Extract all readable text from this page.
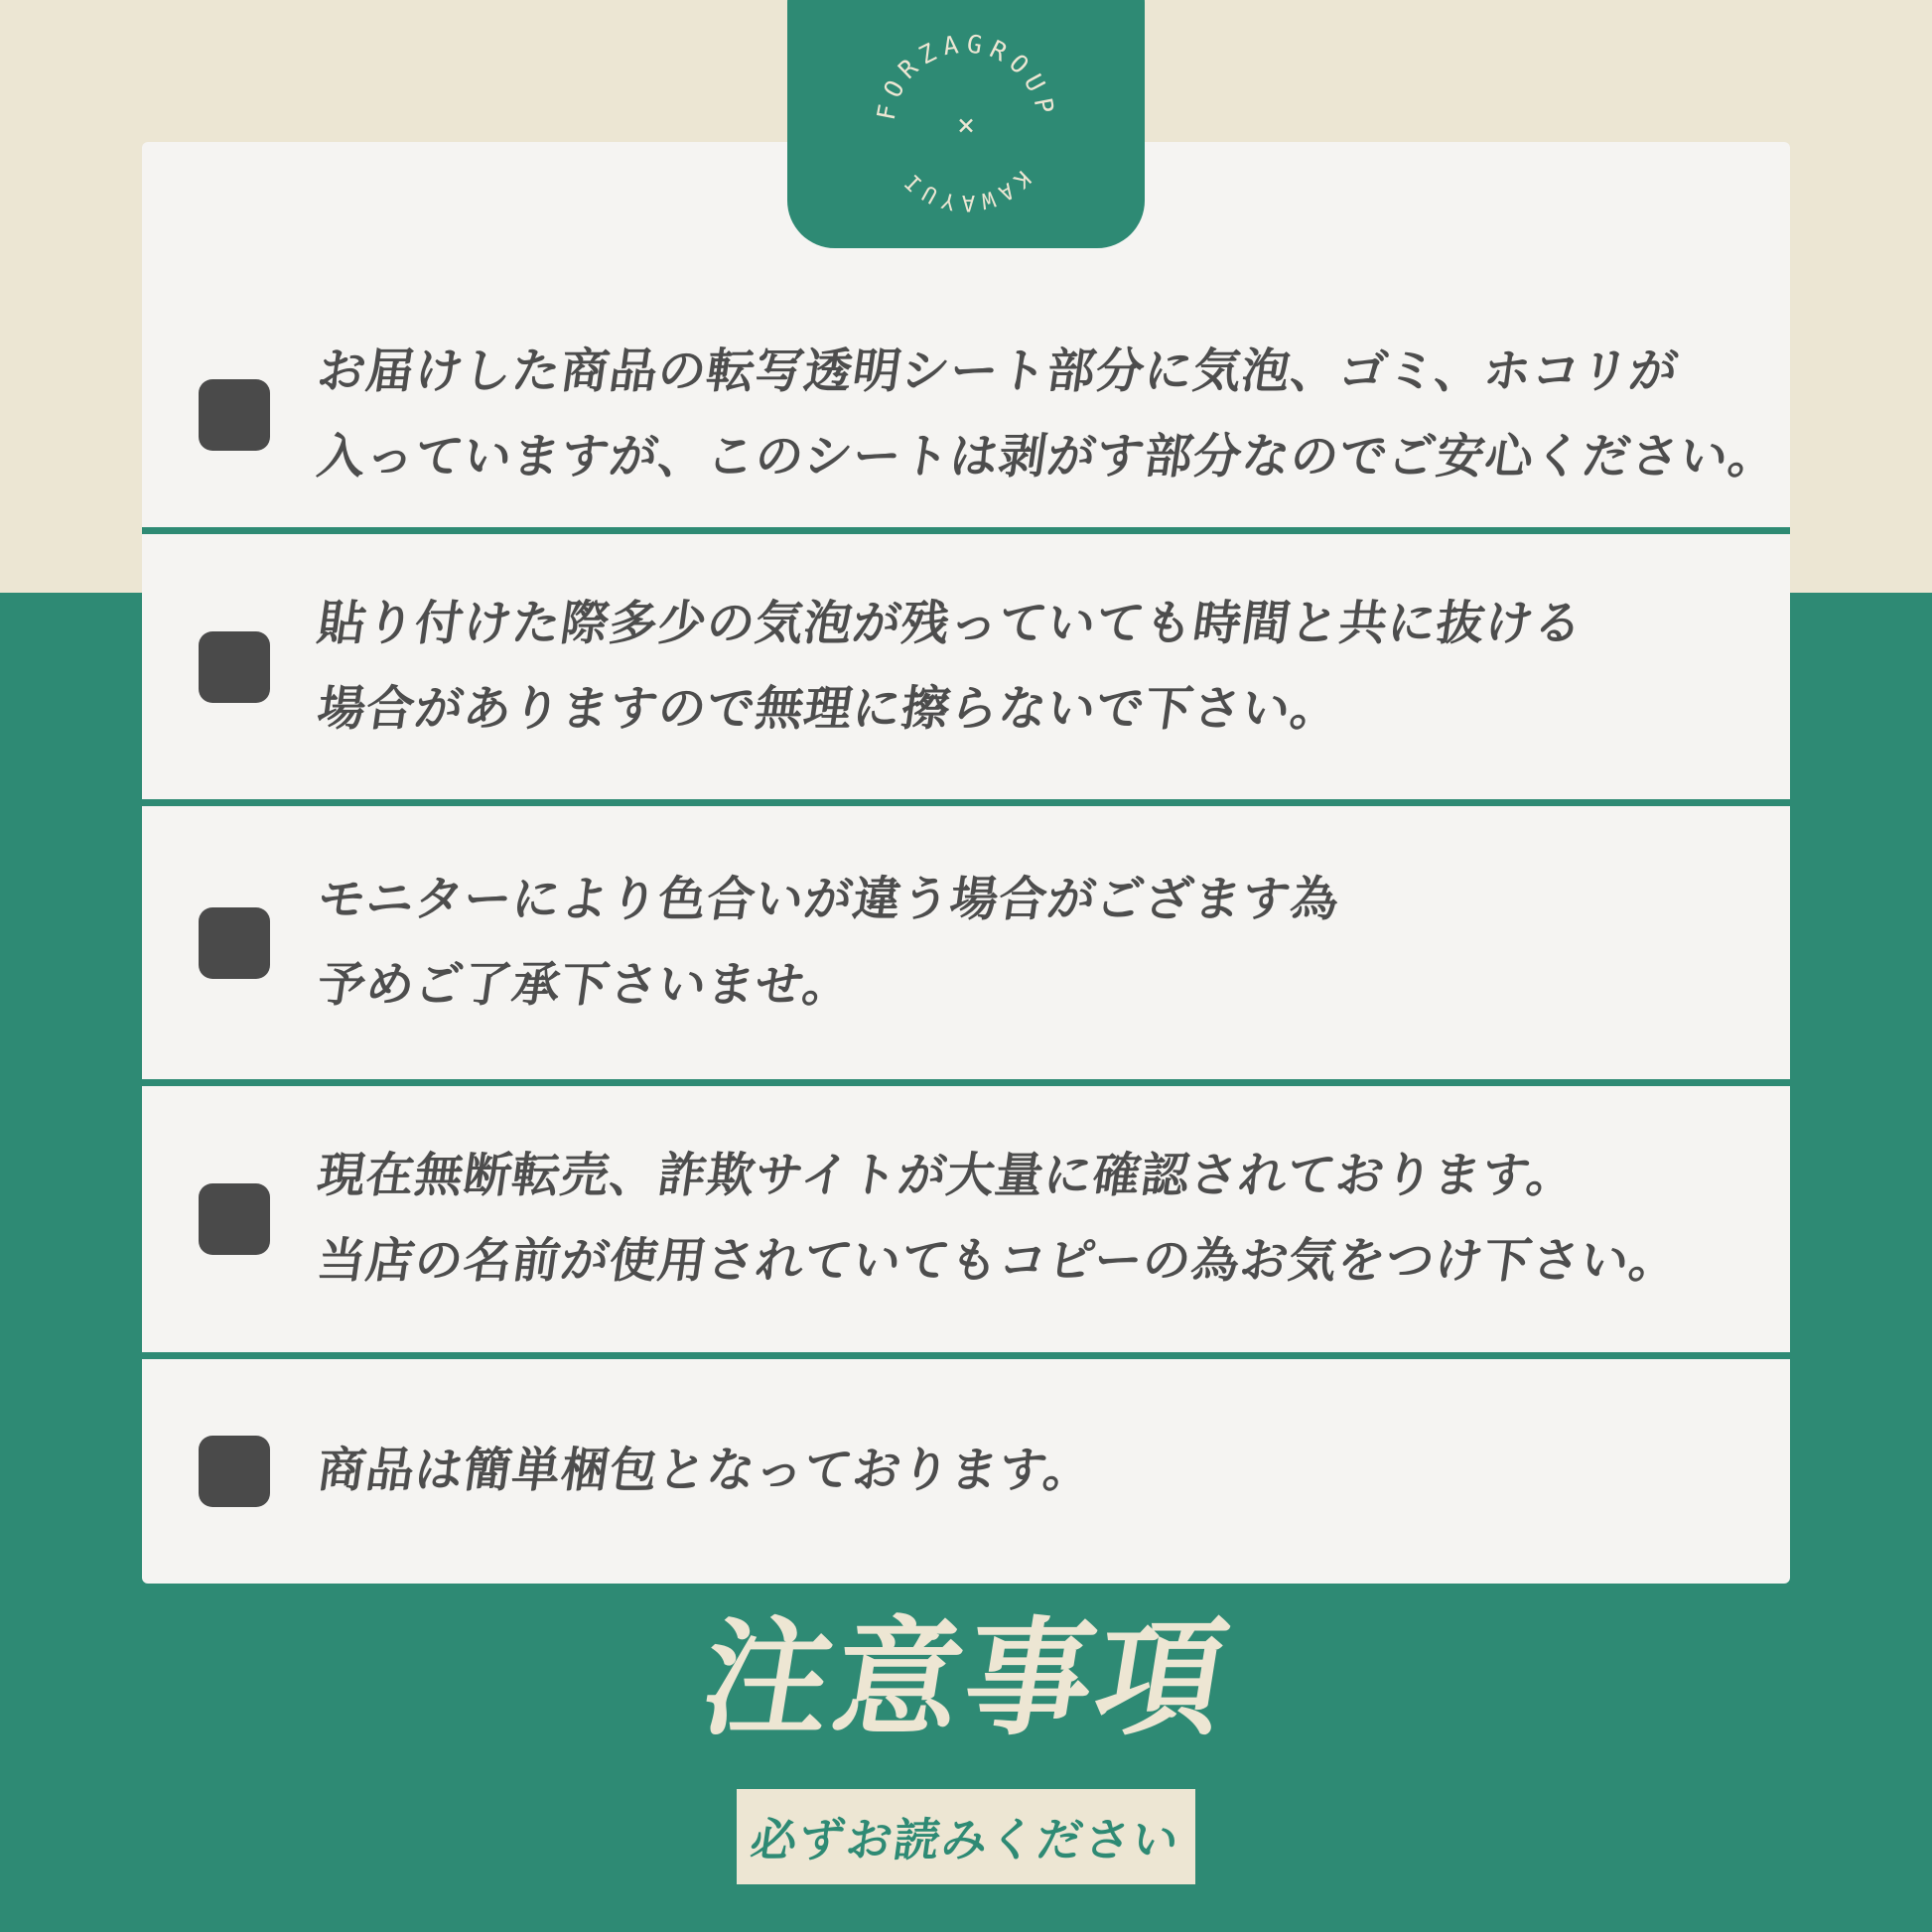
FORZAGROUP
KAWAYUI
×
お届けした商品の転写透明シート部分に気泡、ゴミ、ホコリが
入っていますが、このシートは剥がす部分なのでご安心ください。
貼り付けた際多少の気泡が残っていても時間と共に抜ける
場合がありますので無理に擦らないで下さい。
モニターにより色合いが違う場合がござます為
予めご了承下さいませ。
現在無断転売、詐欺サイトが大量に確認されております。
当店の名前が使用されていてもコピーの為お気をつけ下さい。
商品は簡単梱包となっております。
注意事項
必ずお読みください
